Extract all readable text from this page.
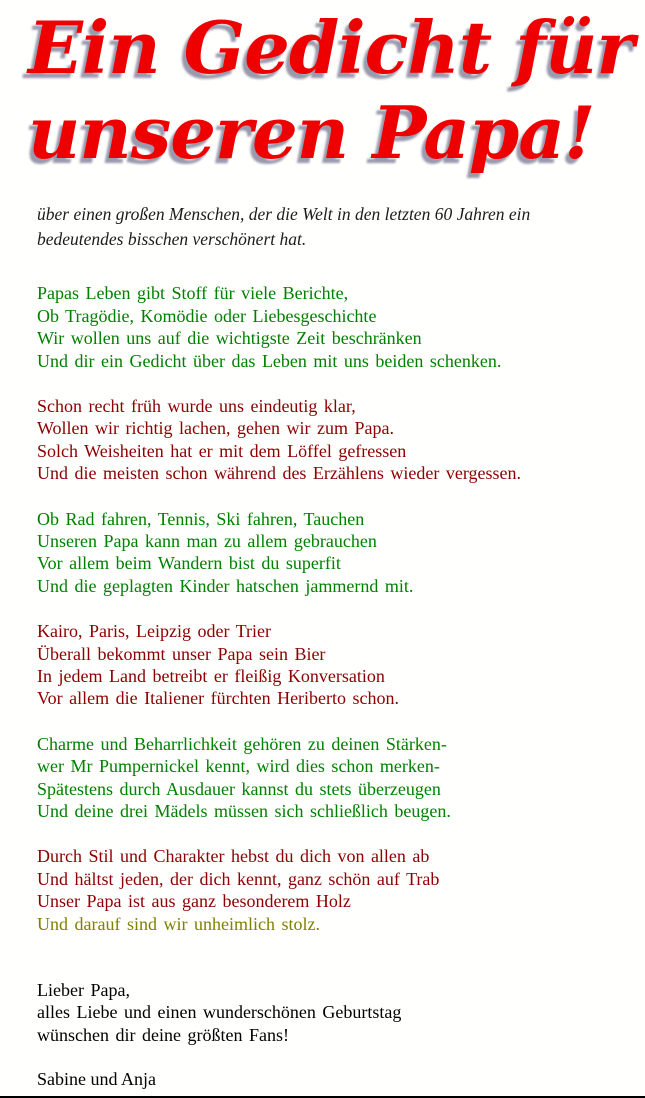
Ein Gedicht für
unseren Papa!

über einen großen Menschen, der die Welt in den letzten 60 Jahren ein bedeutendes bisschen verschönert hat.

Papas Leben gibt Stoff für viele Berichte,
Ob Tragödie, Komödie oder Liebesgeschichte
Wir wollen uns auf die wichtigste Zeit beschränken
Und dir ein Gedicht über das Leben mit uns beiden schenken.

Schon recht früh wurde uns eindeutig klar,
Wollen wir richtig lachen, gehen wir zum Papa.
Solch Weisheiten hat er mit dem Löffel gefressen
Und die meisten schon während des Erzählens wieder vergessen.

Ob Rad fahren, Tennis, Ski fahren, Tauchen
Unseren Papa kann man zu allem gebrauchen
Vor allem beim Wandern bist du superfit
Und die geplagten Kinder hatschen jammernd mit.

Kairo, Paris, Leipzig oder Trier
Überall bekommt unser Papa sein Bier
In jedem Land betreibt er fleißig Konversation
Vor allem die Italiener fürchten Heriberto schon.

Charme und Beharrlichkeit gehören zu deinen Stärken-
wer Mr Pumpernickel kennt, wird dies schon merken-
Spätestens durch Ausdauer kannst du stets überzeugen
Und deine drei Mädels müssen sich schließlich beugen.

Durch Stil und Charakter hebst du dich von allen ab
Und hältst jeden, der dich kennt, ganz schön auf Trab
Unser Papa ist aus ganz besonderem Holz
Und darauf sind wir unheimlich stolz.

Lieber Papa,
alles Liebe und einen wunderschönen Geburtstag
wünschen dir deine größten Fans!
Sabine und Anja
